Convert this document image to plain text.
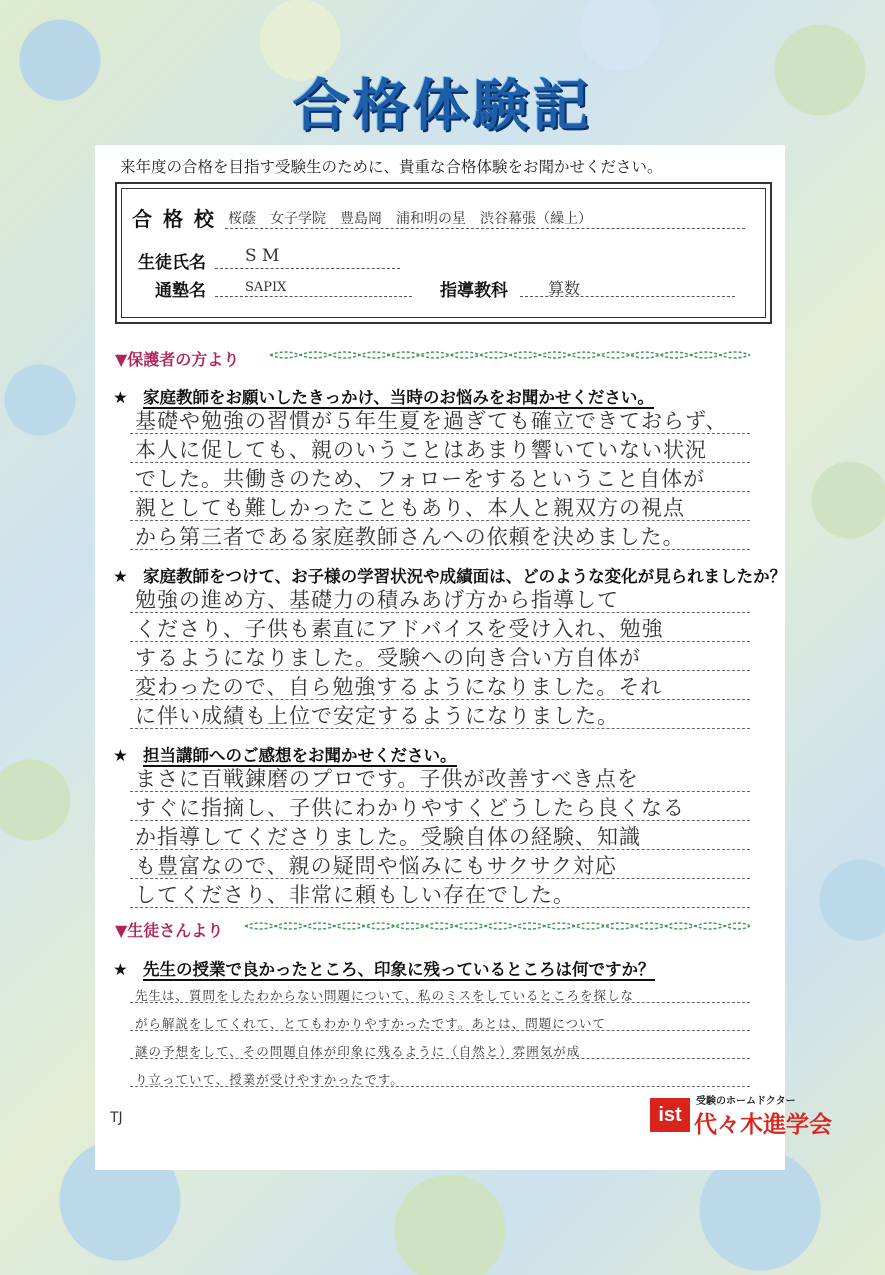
合格体験記
来年度の合格を目指す受験生のために、貴重な合格体験をお聞かせください。
合 格 校 桜蔭　女子学院　豊島岡　浦和明の星　渋谷幕張（繰上）
生徒氏名 S M
通塾名	SAPIX	指導教科	算数
▼保護者の方より
★ 家庭教師をお願いしたきっかけ、当時のお悩みをお聞かせください。
基礎や勉強の習慣が５年生夏を過ぎても確立できておらず、
本人に促しても、親のいうことはあまり響いていない状況
でした。共働きのため、フォローをするということ自体が
親としても難しかったこともあり、本人と親双方の視点
から第三者である家庭教師さんへの依頼を決めました。
★ 家庭教師をつけて、お子様の学習状況や成績面は、どのような変化が見られましたか？
勉強の進め方、基礎力の積みあげ方から指導して
くださり、子供も素直にアドバイスを受け入れ、勉強
するようになりました。受験への向き合い方自体が
変わったので、自ら勉強するようになりました。それ
に伴い成績も上位で安定するようになりました。
★ 担当講師へのご感想をお聞かせください。
まさに百戦錬磨のプロです。子供が改善すべき点を
すぐに指摘し、子供にわかりやすくどうしたら良くなる
か指導してくださりました。受験自体の経験、知識
も豊富なので、親の疑問や悩みにもサクサク対応
してくださり、非常に頼もしい存在でした。
▼生徒さんより
★ 先生の授業で良かったところ、印象に残っているところは何ですか？
先生は、質問をしたわからない問題について、私のミスをしているところを探しな
がら解説をしてくれて、とてもわかりやすかったです。あとは、問題について
謎の予想をして、その問題自体が印象に残るように（自然と）雰囲気が成
り立っていて、授業が受けやすかったです。
TJ	ist
受験のホームドクター
代々木進学会
